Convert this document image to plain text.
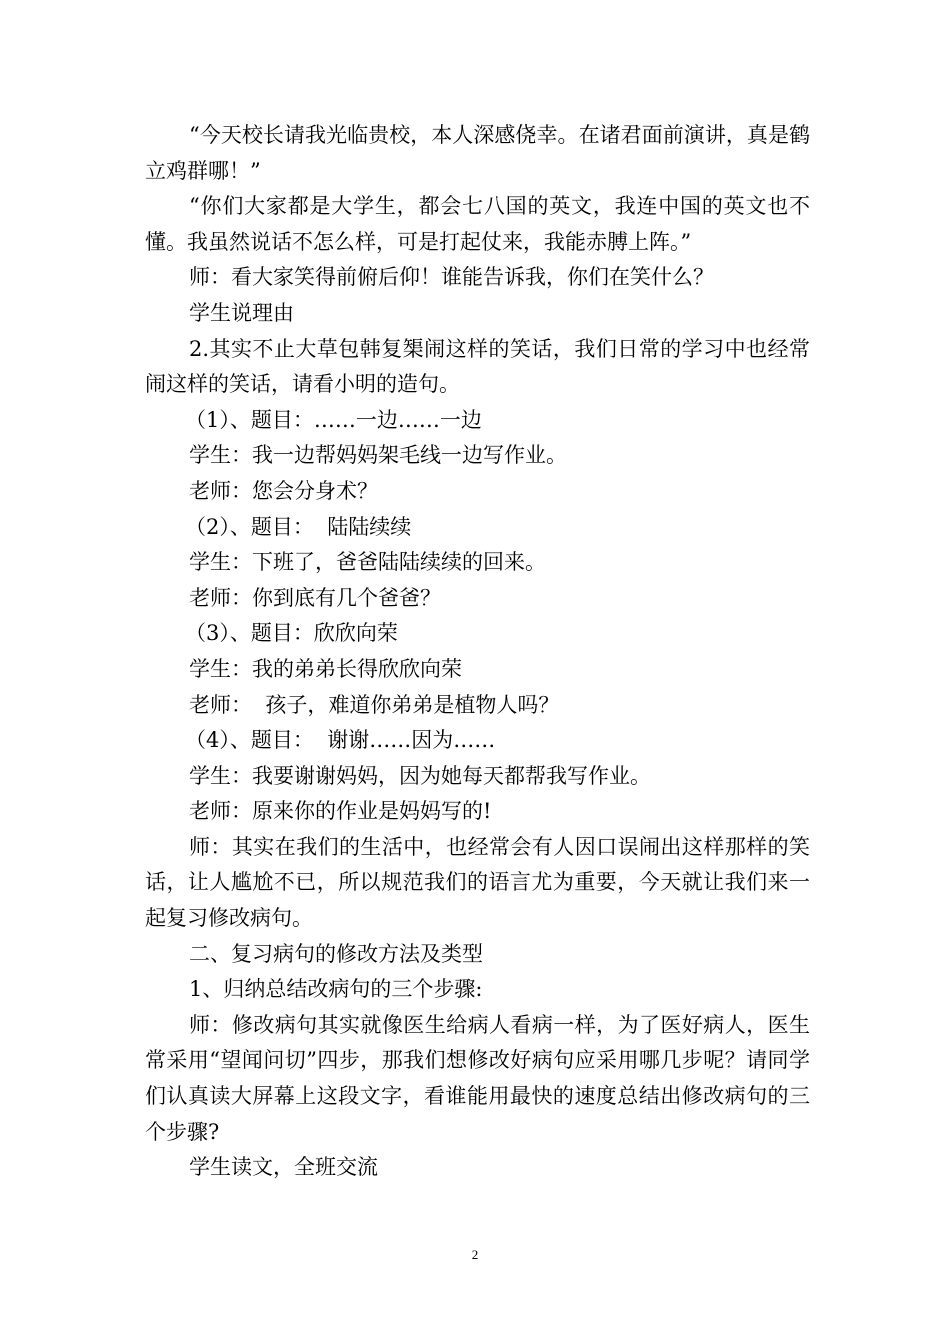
“今天校长请我光临贵校，本人深感侥幸。在诸君面前演讲，真是鹤立鸡群哪！”

“你们大家都是大学生，都会七八国的英文，我连中国的英文也不懂。我虽然说话不怎么样，可是打起仗来，我能赤膊上阵。”

师：看大家笑得前俯后仰！谁能告诉我，你们在笑什么？

学生说理由

2.其实不止大草包韩复榘闹这样的笑话，我们日常的学习中也经常闹这样的笑话，请看小明的造句。

（1）、题目：……一边……一边

学生：我一边帮妈妈架毛线一边写作业。

老师：您会分身术？

（2）、题目：  陆陆续续

学生：下班了，爸爸陆陆续续的回来。

老师：你到底有几个爸爸？

（3）、题目：欣欣向荣

学生：我的弟弟长得欣欣向荣

老师：  孩子，难道你弟弟是植物人吗？

（4）、题目：  谢谢……因为……

学生：我要谢谢妈妈，因为她每天都帮我写作业。

老师：原来你的作业是妈妈写的!

师：其实在我们的生活中，也经常会有人因口误闹出这样那样的笑话，让人尴尬不已，所以规范我们的语言尤为重要，今天就让我们来一起复习修改病句。

二、复习病句的修改方法及类型

1、归纳总结改病句的三个步骤:

师：修改病句其实就像医生给病人看病一样，为了医好病人，医生常采用“望闻问切”四步，那我们想修改好病句应采用哪几步呢？请同学们认真读大屏幕上这段文字，看谁能用最快的速度总结出修改病句的三个步骤?

学生读文，全班交流

2
